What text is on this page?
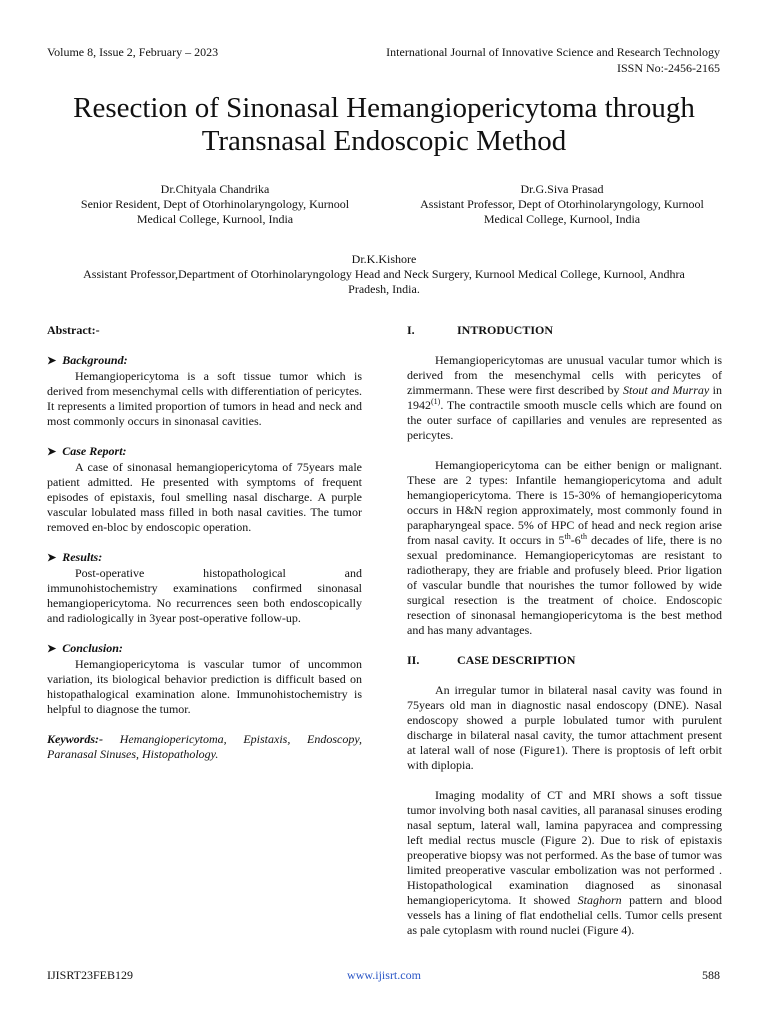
Volume 8, Issue 2, February – 2023	International Journal of Innovative Science and Research Technology
ISSN No:-2456-2165
Resection of Sinonasal Hemangiopericytoma through
Transnasal Endoscopic Method
Dr.Chityala Chandrika
Senior Resident, Dept of Otorhinolaryngology, Kurnool
Medical College, Kurnool, India
Dr.G.Siva Prasad
Assistant Professor, Dept of Otorhinolaryngology, Kurnool
Medical College, Kurnool, India
Dr.K.Kishore
Assistant Professor,Department of Otorhinolaryngology Head and Neck Surgery, Kurnool Medical College, Kurnool, Andhra
Pradesh, India.

Abstract:-

➤ Background:

Hemangiopericytoma is a soft tissue tumor which is derived from mesenchymal cells with differentiation of pericytes. It represents a limited proportion of tumors in head and neck and most commonly occurs in sinonasal cavities.

➤ Case Report:

A case of sinonasal hemangiopericytoma of 75years male patient admitted. He presented with symptoms of frequent episodes of epistaxis, foul smelling nasal discharge. A purple vascular lobulated mass filled in both nasal cavities. The tumor removed en-bloc by endoscopic operation.

➤ Results:

Post-operative histopathological and immunohistochemistry examinations confirmed sinonasal hemangiopericytoma. No recurrences seen both endoscopically and radiologically in 3year post-operative follow-up.

➤ Conclusion:

Hemangiopericytoma is vascular tumor of uncommon variation, its biological behavior prediction is difficult based on histopathalogical examination alone. Immunohistochemistry is helpful to diagnose the tumor.

Keywords:- Hemangiopericytoma, Epistaxis, Endoscopy, Paranasal Sinuses, Histopathology.

I.	INTRODUCTION

Hemangiopericytomas are unusual vacular tumor which is derived from the mesenchymal cells with pericytes of zimmermann. These were first described by Stout and Murray in 1942$^{(1)}$. The contractile smooth muscle cells which are found on the outer surface of capillaries and venules are represented as pericytes.

Hemangiopericytoma can be either benign or malignant. These are 2 types: Infantile hemangiopericytoma and adult hemangiopericytoma. There is 15-30% of hemangiopericytoma occurs in H&N region approximately, most commonly found in parapharyngeal space. 5% of HPC of head and neck region arise from nasal cavity. It occurs in 5th-6th decades of life, there is no sexual predominance. Hemangiopericytomas are resistant to radiotherapy, they are friable and profusely bleed. Prior ligation of vascular bundle that nourishes the tumor followed by wide surgical resection is the treatment of choice. Endoscopic resection of sinonasal hemangiopericytoma is the best method and has many advantages.

II.	CASE DESCRIPTION

An irregular tumor in bilateral nasal cavity was found in 75years old man in diagnostic nasal endoscopy (DNE). Nasal endoscopy showed a purple lobulated tumor with purulent discharge in bilateral nasal cavity, the tumor attachment present at lateral wall of nose (Figure1). There is proptosis of left orbit with diplopia.

Imaging modality of CT and MRI shows a soft tissue tumor involving both nasal cavities, all paranasal sinuses eroding nasal septum, lateral wall, lamina papyracea and compressing left medial rectus muscle (Figure 2). Due to risk of epistaxis preoperative biopsy was not performed. As the base of tumor was limited preoperative vascular embolization was not performed . Histopathological examination diagnosed as sinonasal hemangiopericytoma. It showed Staghorn pattern and blood vessels has a lining of flat endothelial cells. Tumor cells present as pale cytoplasm with round nuclei (Figure 4).

IJISRT23FEB129	www.ijisrt.com	588
